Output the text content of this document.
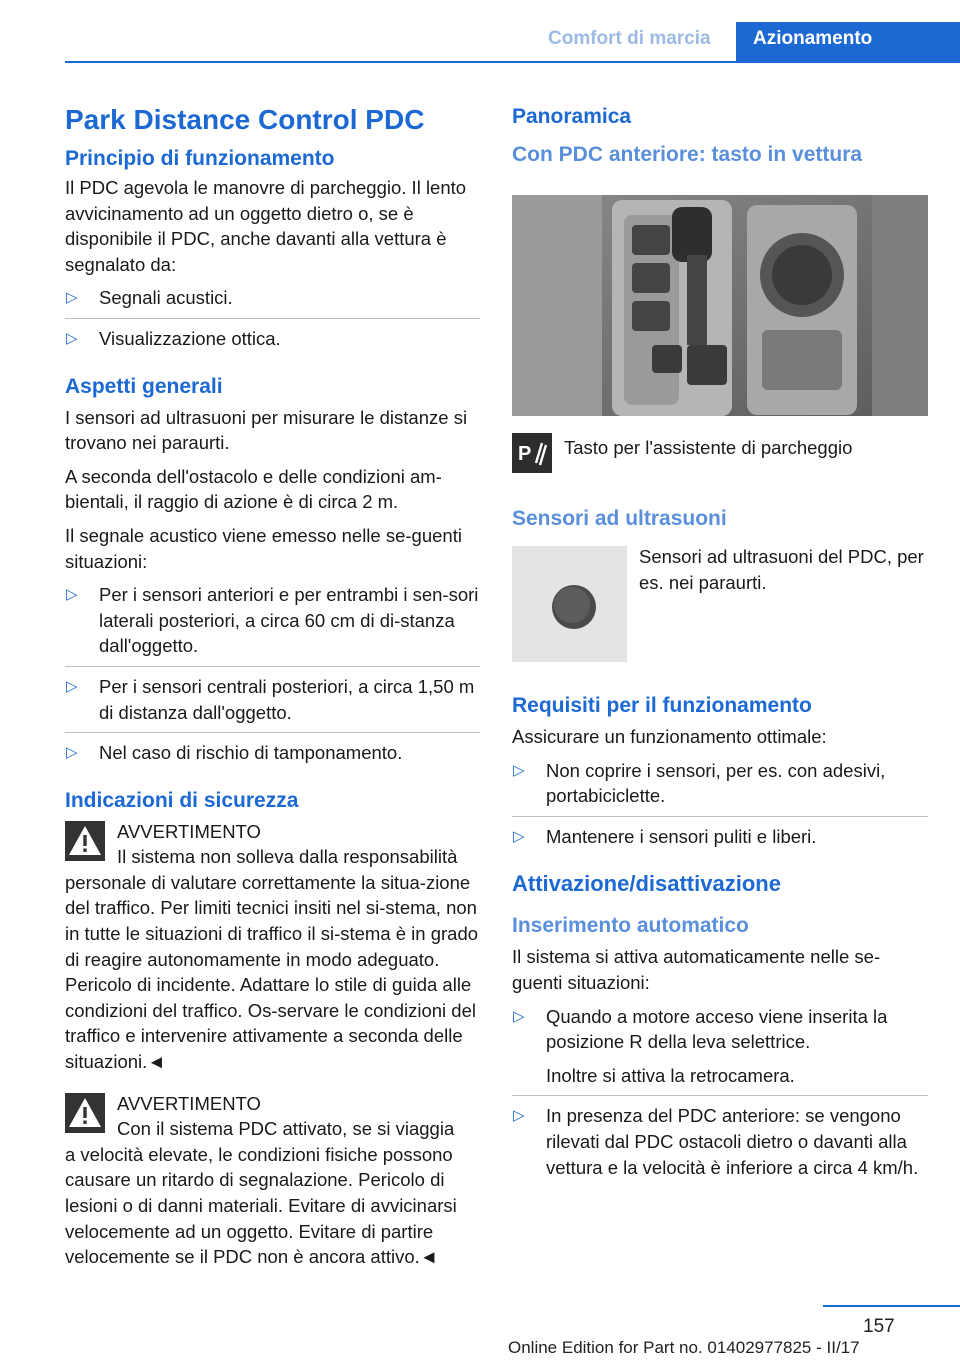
Comfort di marcia Azionamento
Park Distance Control PDC
Principio di funzionamento

Il PDC agevola le manovre di parcheggio. Il lento avvicinamento ad un oggetto dietro o, se è disponibile il PDC, anche davanti alla vettura è segnalato da:

▷ Segnali acustici.
▷ Visualizzazione ottica.
Aspetti generali

I sensori ad ultrasuoni per misurare le distanze si trovano nei paraurti.

A seconda dell'ostacolo e delle condizioni am‐bientali, il raggio di azione è di circa 2 m.

Il segnale acustico viene emesso nelle se‐guenti situazioni:

▷ Per i sensori anteriori e per entrambi i sen‐sori laterali posteriori, a circa 60 cm di di‐stanza dall'oggetto.
▷ Per i sensori centrali posteriori, a circa 1,50 m di distanza dall'oggetto.
▷ Nel caso di rischio di tamponamento.
Indicazioni di sicurezza
AVVERTIMENTO
Il sistema non solleva dalla responsabilità

personale di valutare correttamente la situa‐zione del traffico. Per limiti tecnici insiti nel si‐stema, non in tutte le situazioni di traffico il si‐stema è in grado di reagire autonomamente in modo adeguato. Pericolo di incidente. Adattare lo stile di guida alle condizioni del traffico. Os‐servare le condizioni del traffico e intervenire attivamente a seconda delle situazioni.◄

AVVERTIMENTO
Con il sistema PDC attivato, se si viaggia

a velocità elevate, le condizioni fisiche possono causare un ritardo di segnalazione. Pericolo di lesioni o di danni materiali. Evitare di avvicinarsi velocemente ad un oggetto. Evitare di partire velocemente se il PDC non è ancora attivo.◄

Panoramica
Con PDC anteriore: tasto in vettura
P Tasto per l'assistente di parcheggio
Sensori ad ultrasuoni
Sensori ad ultrasuoni del PDC, per es. nei paraurti.
Requisiti per il funzionamento

Assicurare un funzionamento ottimale:

▷ Non coprire i sensori, per es. con adesivi, portabiciclette.
▷ Mantenere i sensori puliti e liberi.
Attivazione/disattivazione
Inserimento automatico

Il sistema si attiva automaticamente nelle se‐guenti situazioni:

▷ Quando a motore acceso viene inserita la posizione R della leva selettrice.
Inoltre si attiva la retrocamera.
▷ In presenza del PDC anteriore: se vengono rilevati dal PDC ostacoli dietro o davanti alla vettura e la velocità è inferiore a circa 4 km/h.
157
Online Edition for Part no. 01402977825 - II/17
